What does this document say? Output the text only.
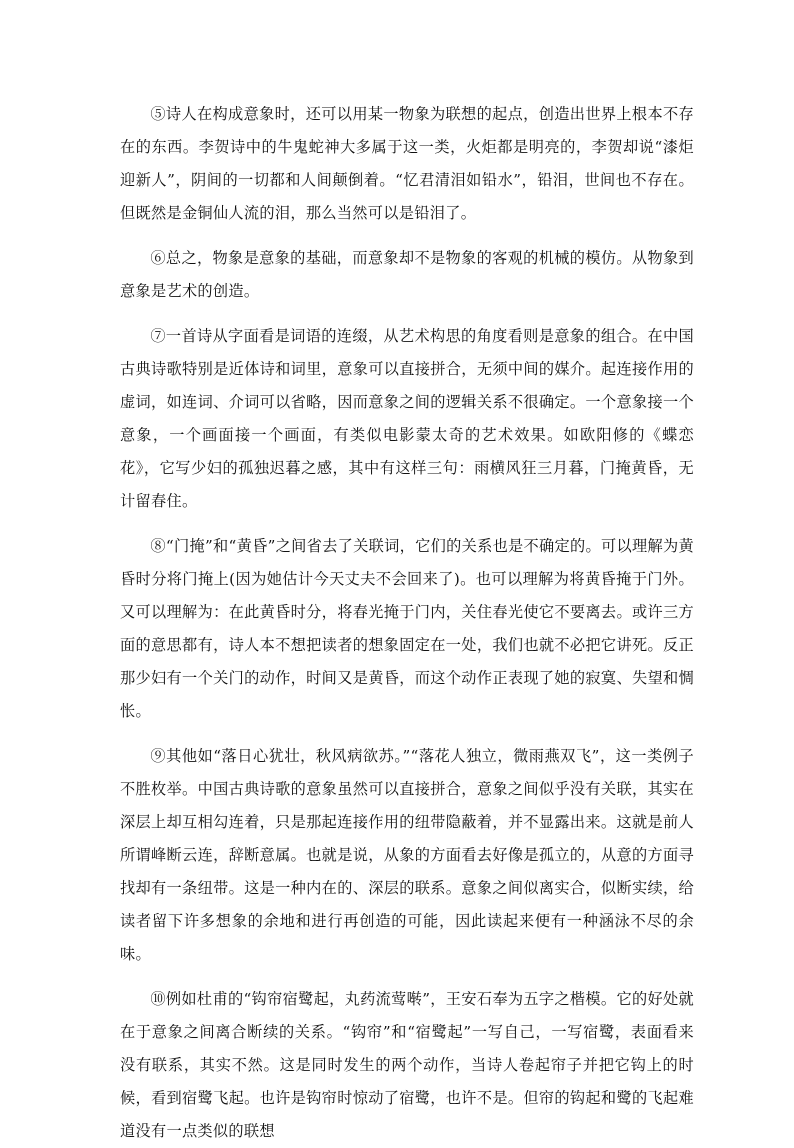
⑤诗人在构成意象时，还可以用某一物象为联想的起点，创造出世界上根本不存在的东西。李贺诗中的牛鬼蛇神大多属于这一类，火炬都是明亮的，李贺却说“漆炬迎新人”，阴间的一切都和人间颠倒着。“忆君清泪如铅水”，铅泪，世间也不存在。但既然是金铜仙人流的泪，那么当然可以是铅泪了。

⑥总之，物象是意象的基础，而意象却不是物象的客观的机械的模仿。从物象到意象是艺术的创造。

⑦一首诗从字面看是词语的连缀，从艺术构思的角度看则是意象的组合。在中国古典诗歌特别是近体诗和词里，意象可以直接拼合，无须中间的媒介。起连接作用的虚词，如连词、介词可以省略，因而意象之间的逻辑关系不很确定。一个意象接一个意象，一个画面接一个画面，有类似电影蒙太奇的艺术效果。如欧阳修的《蝶恋花》，它写少妇的孤独迟暮之感，其中有这样三句：雨横风狂三月暮，门掩黄昏，无计留春住。

⑧“门掩”和“黄昏”之间省去了关联词，它们的关系也是不确定的。可以理解为黄昏时分将门掩上(因为她估计今天丈夫不会回来了)。也可以理解为将黄昏掩于门外。又可以理解为：在此黄昏时分，将春光掩于门内，关住春光使它不要离去。或许三方面的意思都有，诗人本不想把读者的想象固定在一处，我们也就不必把它讲死。反正那少妇有一个关门的动作，时间又是黄昏，而这个动作正表现了她的寂寞、失望和惆怅。

⑨其他如“落日心犹壮，秋风病欲苏。”“落花人独立，微雨燕双飞”，这一类例子不胜枚举。中国古典诗歌的意象虽然可以直接拼合，意象之间似乎没有关联，其实在深层上却互相勾连着，只是那起连接作用的纽带隐蔽着，并不显露出来。这就是前人所谓峰断云连，辞断意属。也就是说，从象的方面看去好像是孤立的，从意的方面寻找却有一条纽带。这是一种内在的、深层的联系。意象之间似离实合，似断实续，给读者留下许多想象的余地和进行再创造的可能，因此读起来便有一种涵泳不尽的余味。

⑩例如杜甫的“钩帘宿鹭起，丸药流莺啭”，王安石奉为五字之楷模。它的好处就在于意象之间离合断续的关系。“钩帘”和“宿鹭起”一写自己，一写宿鹭，表面看来没有联系，其实不然。这是同时发生的两个动作，当诗人卷起帘子并把它钩上的时候，看到宿鹭飞起。也许是钩帘时惊动了宿鹭，也许不是。但帘的钩起和鹭的飞起难道没有一点类似的联想
